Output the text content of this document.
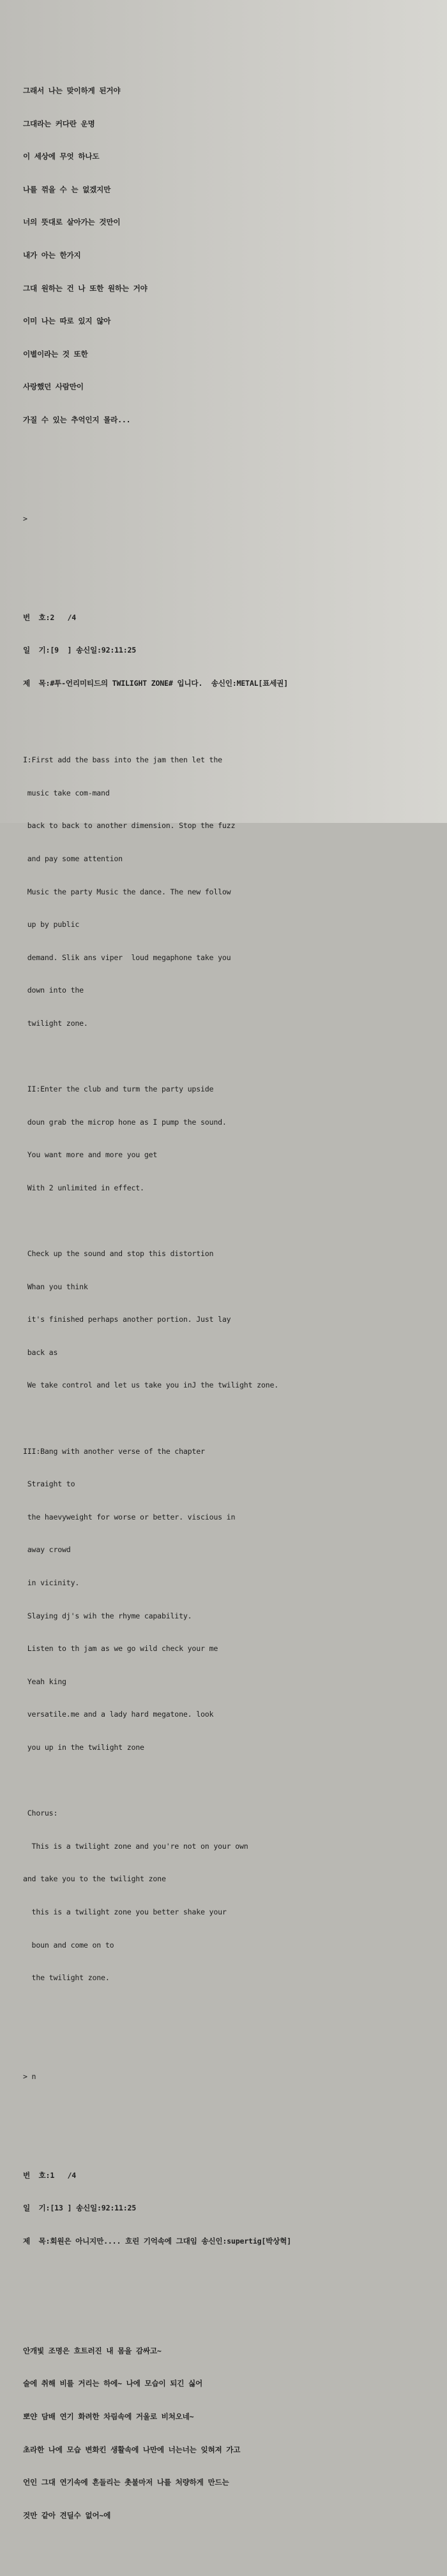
그래서 나는 맞이하게 된거야

그대라는 커다란 운명

이 세상에 무엇 하나도

나를 꺾을 수 는 없겠지만

너의 뜻대로 살아가는 것만이

내가 아는 한가지

그대 원하는 건 나 또한 원하는 거야

이미 나는 따로 있지 않아

이별이라는 것 또한

사랑했던 사람만이

가질 수 있는 추억인지 몰라...

>

번  호:2   /4

일  기:[9  ] 송신일:92:11:25

제  목:#투-언리미티드의 TWILIGHT ZONE# 입니다.  송신인:METAL[표세권]

I:First add the bass into the jam then let the

music take com-mand

back to back to another dimension. Stop the fuzz

and pay some attention

Music the party Music the dance. The new follow

up by public

demand. Slik ans viper  loud megaphone take you

down into the

twilight zone.

II:Enter the club and turm the party upside

doun grab the microp hone as I pump the sound.

You want more and more you get

With 2 unlimited in effect.

Check up the sound and stop this distortion

Whan you think

it's finished perhaps another portion. Just lay

back as

We take control and let us take you inJ the twilight zone.

III:Bang with another verse of the chapter

Straight to

the haevyweight for worse or better. viscious in

away crowd

in vicinity.

Slaying dj's wih the rhyme capability.

Listen to th jam as we go wild check your me

Yeah king

versatile.me and a lady hard megatone. look

you up in the twilight zone

Chorus:

This is a twilight zone and you're not on your own

and take you to the twilight zone

this is a twilight zone you better shake your

boun and come on to

the twilight zone.

> n

번  호:1   /4

일  기:[13 ] 송신일:92:11:25

제  목:회원은 아니지만.... 흐린 기억속에 그대임 송신인:supertig[박상혁]

안개빛 조명은 흐트러진 내 몸을 감싸고~

술에 취해 비를 거리는 하에~ 나에 모습이 되긴 싫어

뽀얀 담배 연기 화려한 차림속에 거울로 비쳐오네~

초라한 나에 모습 변화킨 생활속에 나만에 너는너는 잊혀져 가고

언인 그대 연기속에 흔들리는 촛불마저 나를 처량하게 만드는

것만 같아 견딜수 없어~에
